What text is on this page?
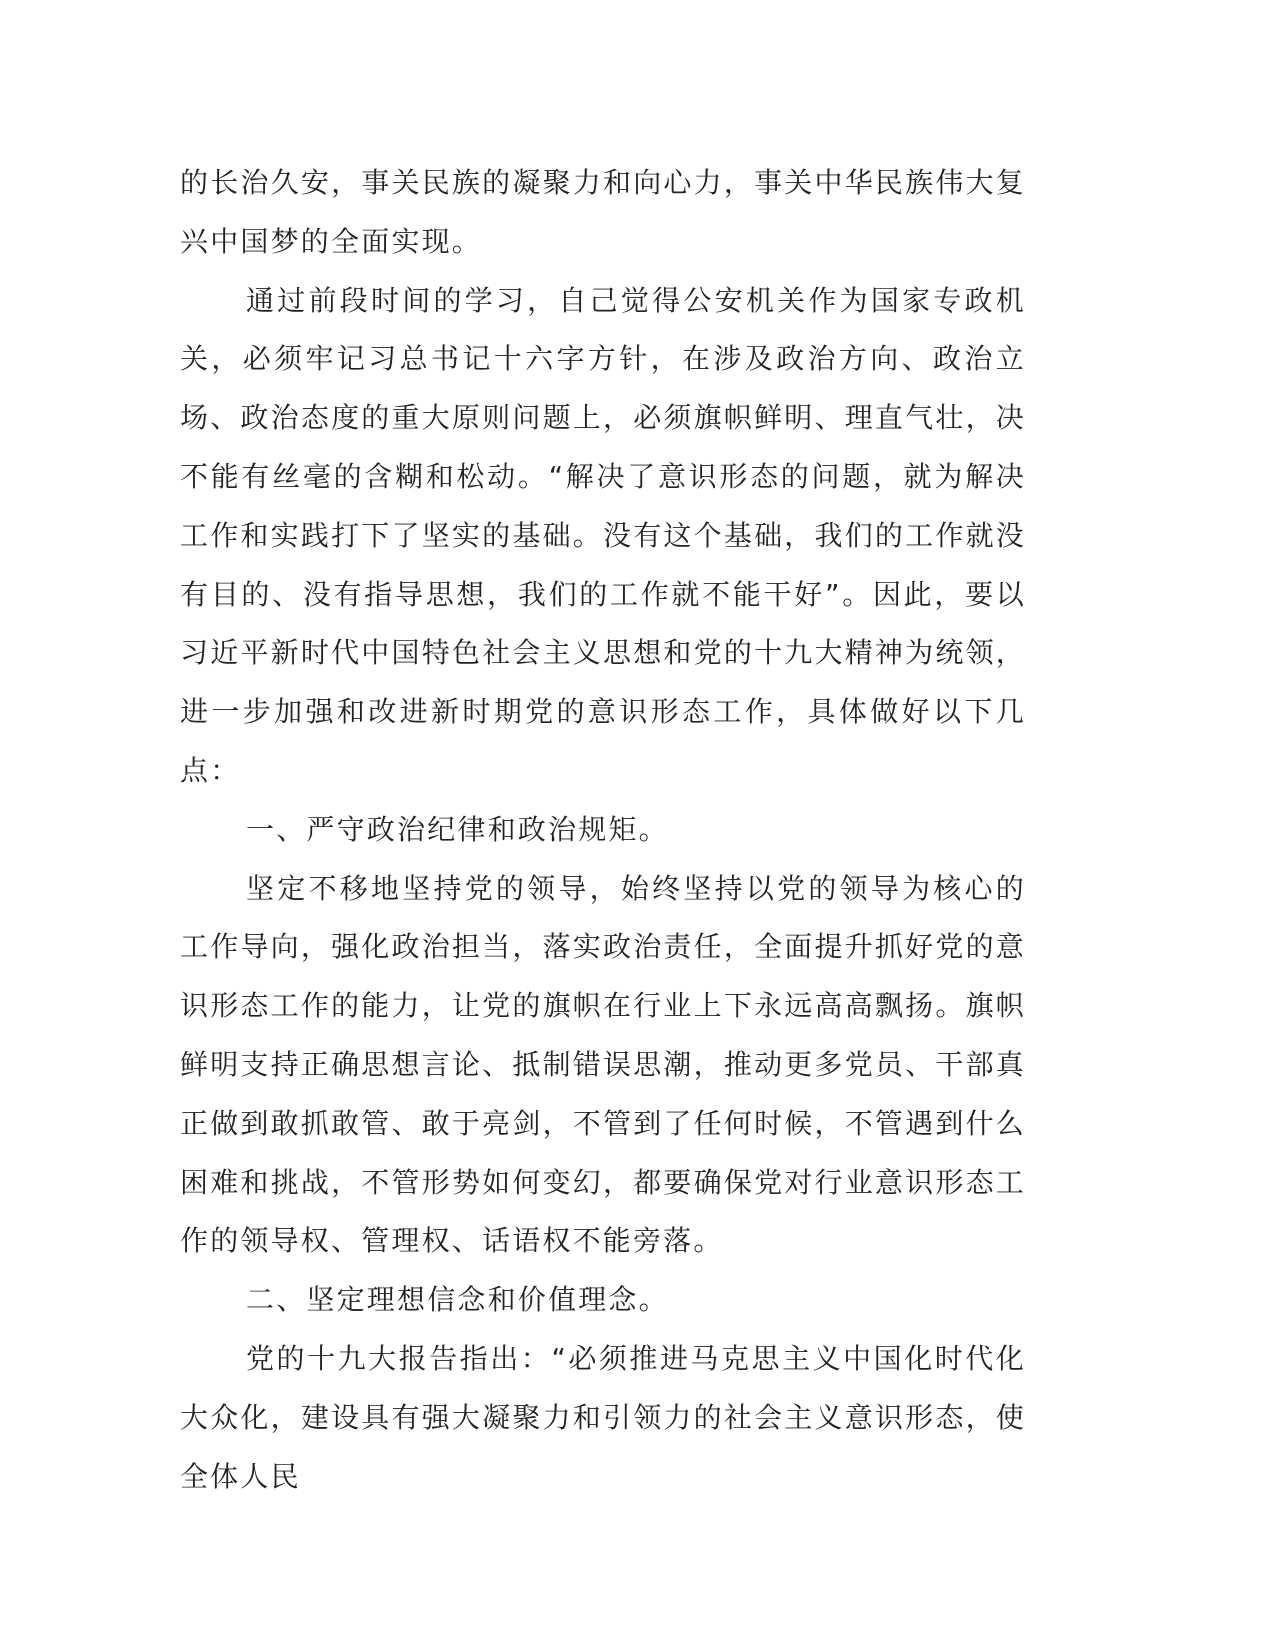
的长治久安，事关民族的凝聚力和向心力，事关中华民族伟大复兴中国梦的全面实现。

通过前段时间的学习，自己觉得公安机关作为国家专政机关，必须牢记习总书记十六字方针，在涉及政治方向、政治立场、政治态度的重大原则问题上，必须旗帜鲜明、理直气壮，决不能有丝毫的含糊和松动。“解决了意识形态的问题，就为解决工作和实践打下了坚实的基础。没有这个基础，我们的工作就没有目的、没有指导思想，我们的工作就不能干好”。因此，要以习近平新时代中国特色社会主义思想和党的十九大精神为统领，进一步加强和改进新时期党的意识形态工作，具体做好以下几点：

一、严守政治纪律和政治规矩。

坚定不移地坚持党的领导，始终坚持以党的领导为核心的工作导向，强化政治担当，落实政治责任，全面提升抓好党的意识形态工作的能力，让党的旗帜在行业上下永远高高飘扬。旗帜鲜明支持正确思想言论、抵制错误思潮，推动更多党员、干部真正做到敢抓敢管、敢于亮剑，不管到了任何时候，不管遇到什么困难和挑战，不管形势如何变幻，都要确保党对行业意识形态工作的领导权、管理权、话语权不能旁落。

二、坚定理想信念和价值理念。

党的十九大报告指出：“必须推进马克思主义中国化时代化大众化，建设具有强大凝聚力和引领力的社会主义意识形态，使全体人民
